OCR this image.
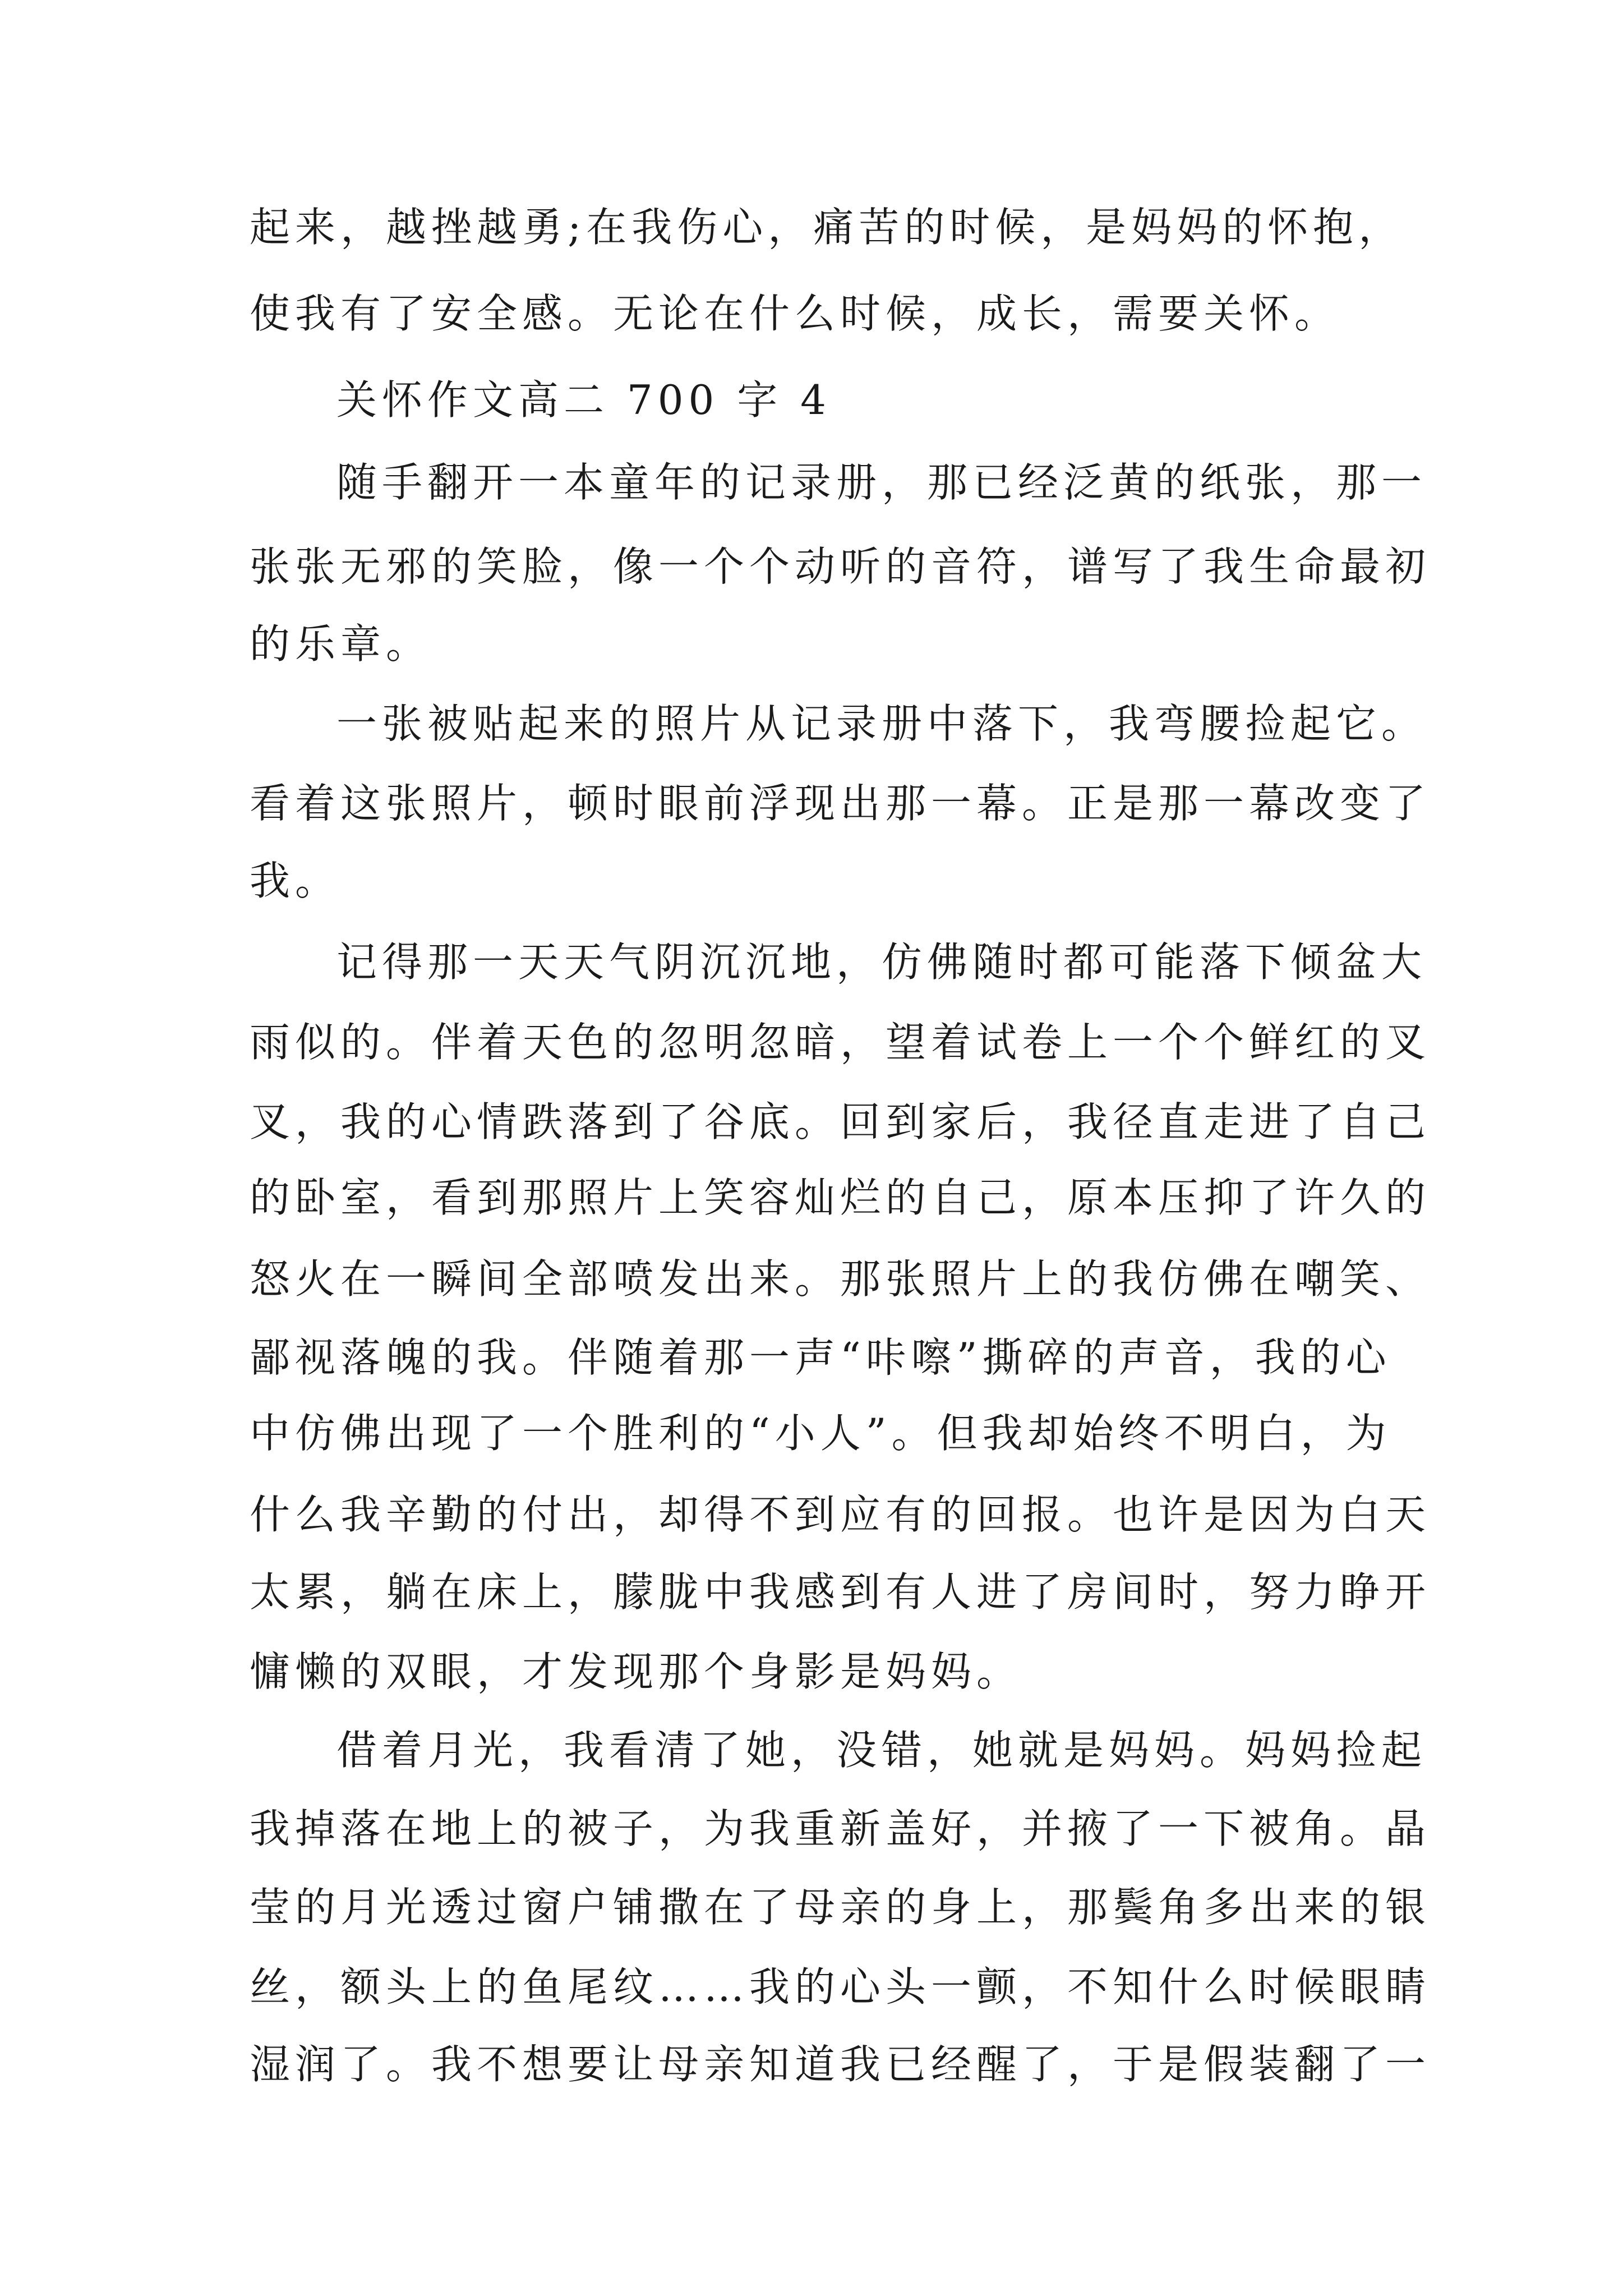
起来，越挫越勇;在我伤心，痛苦的时候，是妈妈的怀抱，
使我有了安全感。无论在什么时候，成长，需要关怀。
关怀作文高二 700 字 4
随手翻开一本童年的记录册，那已经泛黄的纸张，那一
张张无邪的笑脸，像一个个动听的音符，谱写了我生命最初
的乐章。
一张被贴起来的照片从记录册中落下，我弯腰捡起它。
看着这张照片，顿时眼前浮现出那一幕。正是那一幕改变了
我。
记得那一天天气阴沉沉地，仿佛随时都可能落下倾盆大
雨似的。伴着天色的忽明忽暗，望着试卷上一个个鲜红的叉
叉，我的心情跌落到了谷底。回到家后，我径直走进了自己
的卧室，看到那照片上笑容灿烂的自己，原本压抑了许久的
怒火在一瞬间全部喷发出来。那张照片上的我仿佛在嘲笑、
鄙视落魄的我。伴随着那一声“咔嚓”撕碎的声音，我的心
中仿佛出现了一个胜利的“小人”。但我却始终不明白，为
什么我辛勤的付出，却得不到应有的回报。也许是因为白天
太累，躺在床上，朦胧中我感到有人进了房间时，努力睁开
慵懒的双眼，才发现那个身影是妈妈。
借着月光，我看清了她，没错，她就是妈妈。妈妈捡起
我掉落在地上的被子，为我重新盖好，并掖了一下被角。晶
莹的月光透过窗户铺撒在了母亲的身上，那鬓角多出来的银
丝，额头上的鱼尾纹……我的心头一颤，不知什么时候眼睛
湿润了。我不想要让母亲知道我已经醒了，于是假装翻了一
